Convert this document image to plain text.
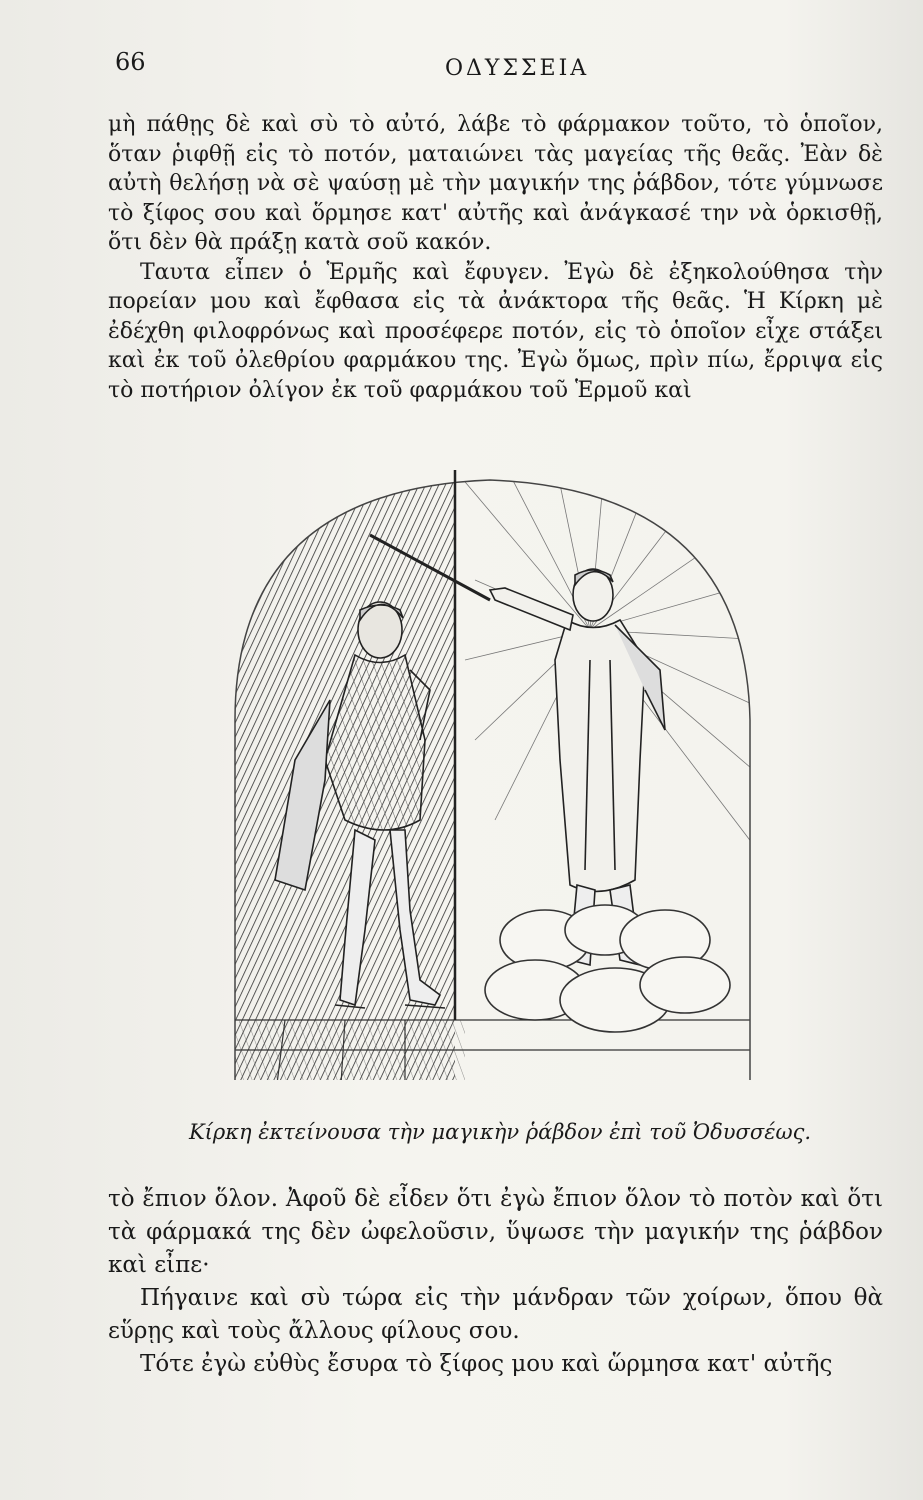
66	ΟΔΥΣΣΕΙΑ

μὴ πάθῃς δὲ καὶ σὺ τὸ αὐτό, λάβε τὸ φάρμακον τοῦτο, τὸ ὁποῖον, ὅταν ῥιφθῇ εἰς τὸ ποτόν, ματαιώνει τὰς μαγείας τῆς θεᾶς. Ἐὰν δὲ αὐτὴ θελήσῃ νὰ σὲ ψαύσῃ μὲ τὴν μαγικήν της ῥάβδον, τότε γύμνωσε τὸ ξίφος σου καὶ ὅρμησε κατ' αὐτῆς καὶ ἀνάγκασέ την νὰ ὁρκισθῇ, ὅτι δὲν θὰ πράξῃ κατὰ σοῦ κακόν.

Ταυτα εἶπεν ὁ Ἑρμῆς καὶ ἔφυγεν. Ἐγὼ δὲ ἐξηκολούθησα τὴν πορείαν μου καὶ ἔφθασα εἰς τὰ ἀνάκτορα τῆς θεᾶς. Ἡ Κίρκη μὲ ἐδέχθη φιλοφρόνως καὶ προσέφερε ποτόν, εἰς τὸ ὁποῖον εἶχε στάξει καὶ ἐκ τοῦ ὀλεθρίου φαρμάκου της. Ἐγὼ ὅμως, πρὶν πίω, ἔρριψα εἰς τὸ ποτήριον ὀλίγον ἐκ τοῦ φαρμάκου τοῦ Ἑρμοῦ καὶ

Κίρκη ἐκτείνουσα τὴν μαγικὴν ῥάβδον ἐπὶ τοῦ Ὀδυσσέως.

τὸ ἔπιον ὅλον. Ἀφοῦ δὲ εἶδεν ὅτι ἐγὼ ἔπιον ὅλον τὸ ποτὸν καὶ ὅτι τὰ φάρμακά της δὲν ὠφελοῦσιν, ὕψωσε τὴν μαγικήν της ῥάβδον καὶ εἶπε·

Πήγαινε καὶ σὺ τώρα εἰς τὴν μάνδραν τῶν χοίρων, ὅπου θὰ εὕρῃς καὶ τοὺς ἄλλους φίλους σου.

Τότε ἐγὼ εὐθὺς ἔσυρα τὸ ξίφος μου καὶ ὥρμησα κατ' αὐτῆς
